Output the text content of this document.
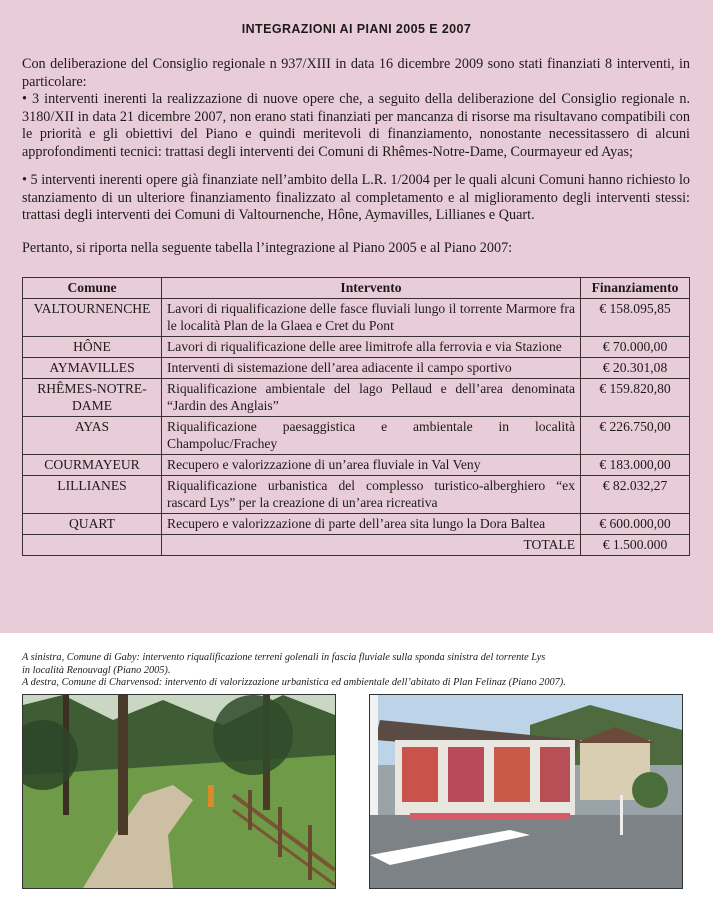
INTEGRAZIONI AI PIANI 2005 E 2007
Con deliberazione del Consiglio regionale n 937/XIII in data 16 dicembre 2009 sono stati finanziati 8 interventi, in particolare:
• 3 interventi inerenti la realizzazione di nuove opere che, a seguito della deliberazione del Consiglio regionale n. 3180/XII in data 21 dicembre 2007, non erano stati finanziati per mancanza di risorse ma risultavano compatibili con le priorità e gli obiettivi del Piano e quindi meritevoli di finanziamento, nonostante necessitassero di alcuni approfondimenti tecnici: trattasi degli interventi dei Comuni di Rhêmes-Notre-Dame, Courmayeur ed Ayas;
• 5 interventi inerenti opere già finanziate nell’ambito della L.R. 1/2004 per le quali alcuni Comuni hanno richiesto lo stanziamento di un ulteriore finanziamento finalizzato al completamento e al miglioramento degli interventi stessi: trattasi degli interventi dei Comuni di Valtournenche, Hône, Aymavilles, Lillianes e Quart.
Pertanto, si riporta nella seguente tabella l’integrazione al Piano 2005 e al Piano 2007:
Comune	Intervento	Finanziamento
VALTOURNENCHE	Lavori di riqualificazione delle fasce fluviali lungo il torrente Marmore fra le località Plan de la Glaea e Cret du Pont	€ 158.095,85
HÔNE	Lavori di riqualificazione delle aree limitrofe alla ferrovia e via Stazione	€ 70.000,00
AYMAVILLES	Interventi di sistemazione dell’area adiacente il campo sportivo	€ 20.301,08
RHÊMES-NOTRE-DAME	Riqualificazione ambientale del lago Pellaud e dell’area denominata “Jardin des Anglais”	€ 159.820,80
AYAS	Riqualificazione paesaggistica e ambientale in località Champoluc/Frachey	€ 226.750,00
COURMAYEUR	Recupero e valorizzazione di un’area fluviale in Val Veny	€ 183.000,00
LILLIANES	Riqualificazione urbanistica del complesso turistico-alberghiero “ex rascard Lys” per la creazione di un’area ricreativa	€ 82.032,27
QUART	Recupero e valorizzazione di parte dell’area sita lungo la Dora Baltea	€ 600.000,00
	TOTALE	€ 1.500.000
A sinistra, Comune di Gaby: intervento riqualificazione terreni golenali in fascia fluviale sulla sponda sinistra del torrente Lys
in località Renouvagl (Piano 2005).
A destra, Comune di Charvensod: intervento di valorizzazione urbanistica ed ambientale dell’abitato di Plan Felinaz (Piano 2007).
